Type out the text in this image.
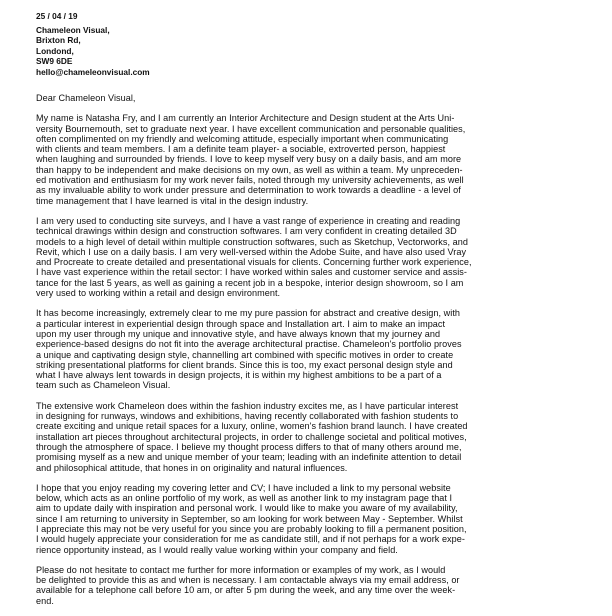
25 / 04 / 19
Chameleon Visual,
Brixton Rd,
Londond,
SW9 6DE
hello@chameleonvisual.com
Dear Chameleon Visual,
My name is Natasha Fry, and I am currently an Interior Architecture and Design student at the Arts Uni-
versity Bournemouth, set to graduate next year. I have excellent communication and personable qualities,
often complimented on my friendly and welcoming attitude, especially important when communicating
with clients and team members. I am a definite team player- a sociable, extroverted person, happiest
when laughing and surrounded by friends. I love to keep myself very busy on a daily basis, and am more
than happy to be independent and make decisions on my own, as well as within a team. My unpreceden-
ed motivation and enthusiasm for my work never fails, noted through my university achievements, as well
as my invaluable ability to work under pressure and determination to work towards a deadline - a level of
time management that I have learned is vital in the design industry.
I am very used to conducting site surveys, and I have a vast range of experience in creating and reading
technical drawings within design and construction softwares. I am very confident in creating detailed 3D
models to a high level of detail within multiple construction softwares, such as Sketchup, Vectorworks, and
Revit, which I use on a daily basis. I am very well-versed within the Adobe Suite, and have also used Vray
and Procreate to create detailed and presentational visuals for clients. Concerning further work experience,
I have vast experience within the retail sector: I have worked within sales and customer service and assis-
tance for the last 5 years, as well as gaining a recent job in a bespoke, interior design showroom, so I am
very used to working within a retail and design environment.
It has become increasingly, extremely clear to me my pure passion for abstract and creative design, with
a particular interest in experiential design through space and Installation art. I aim to make an impact
upon my user through my unique and innovative style, and have always known that my journey and
experience-based designs do not fit into the average architectural practise. Chameleon's portfolio proves
a unique and captivating design style, channelling art combined with specific motives in order to create
striking presentational platforms for client brands. Since this is too, my exact personal design style and
what I have always lent towards in design projects, it is within my highest ambitions to be a part of a
team such as Chameleon Visual.
The extensive work Chameleon does within the fashion industry excites me, as I have particular interest
in designing for runways, windows and exhibitions, having recently collaborated with fashion students to
create exciting and unique retail spaces for a luxury, online, women's fashion brand launch. I have created
installation art pieces throughout architectural projects, in order to challenge societal and political motives,
through the atmosphere of space. I believe my thought process differs to that of many others around me,
promising myself as a new and unique member of your team; leading with an indefinite attention to detail
and philosophical attitude, that hones in on originality and natural influences.
I hope that you enjoy reading my covering letter and CV; I have included a link to my personal website
below, which acts as an online portfolio of my work, as well as another link to my instagram page that I
aim to update daily with inspiration and personal work. I would like to make you aware of my availability,
since I am returning to university in September, so am looking for work between May - September. Whilst
I appreciate this may not be very useful for you since you are probably looking to fill a permanent position,
I would hugely appreciate your consideration for me as candidate still, and if not perhaps for a work expe-
rience opportunity instead, as I would really value working within your company and field.
Please do not hesitate to contact me further for more information or examples of my work, as I would
be delighted to provide this as and when is necessary. I am contactable always via my email address, or
available for a telephone call before 10 am, or after 5 pm during the week, and any time over the week-
end.
